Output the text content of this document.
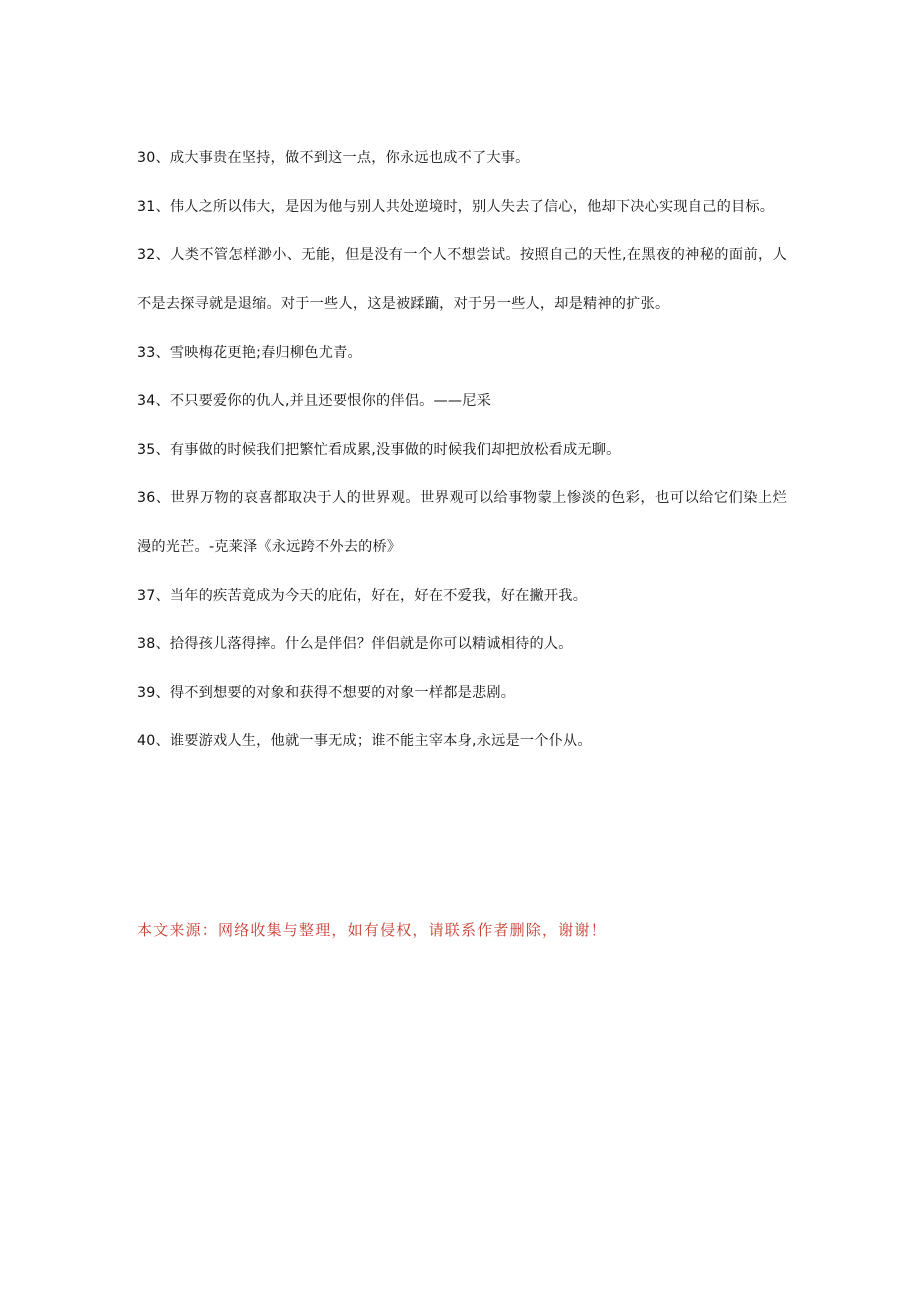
30、成大事贵在坚持，做不到这一点，你永远也成不了大事。
31、伟人之所以伟大，是因为他与别人共处逆境时，别人失去了信心，他却下决心实现自己的目标。
32、人类不管怎样渺小、无能，但是没有一个人不想尝试。按照自己的天性,在黑夜的神秘的面前，人不是去探寻就是退缩。对于一些人，这是被蹂躏，对于另一些人，却是精神的扩张。
33、雪映梅花更艳;春归柳色尤青。
34、不只要爱你的仇人,并且还要恨你的伴侣。——尼采
35、有事做的时候我们把繁忙看成累,没事做的时候我们却把放松看成无聊。
36、世界万物的哀喜都取决于人的世界观。世界观可以给事物蒙上惨淡的色彩，也可以给它们染上烂漫的光芒。-克莱泽《永远跨不外去的桥》
37、当年的疾苦竟成为今天的庇佑，好在，好在不爱我，好在撇开我。
38、拾得孩儿落得摔。什么是伴侣？伴侣就是你可以精诚相待的人。
39、得不到想要的对象和获得不想要的对象一样都是悲剧。
40、谁要游戏人生，他就一事无成；谁不能主宰本身,永远是一个仆从。
本文来源：网络收集与整理，如有侵权，请联系作者删除，谢谢！
